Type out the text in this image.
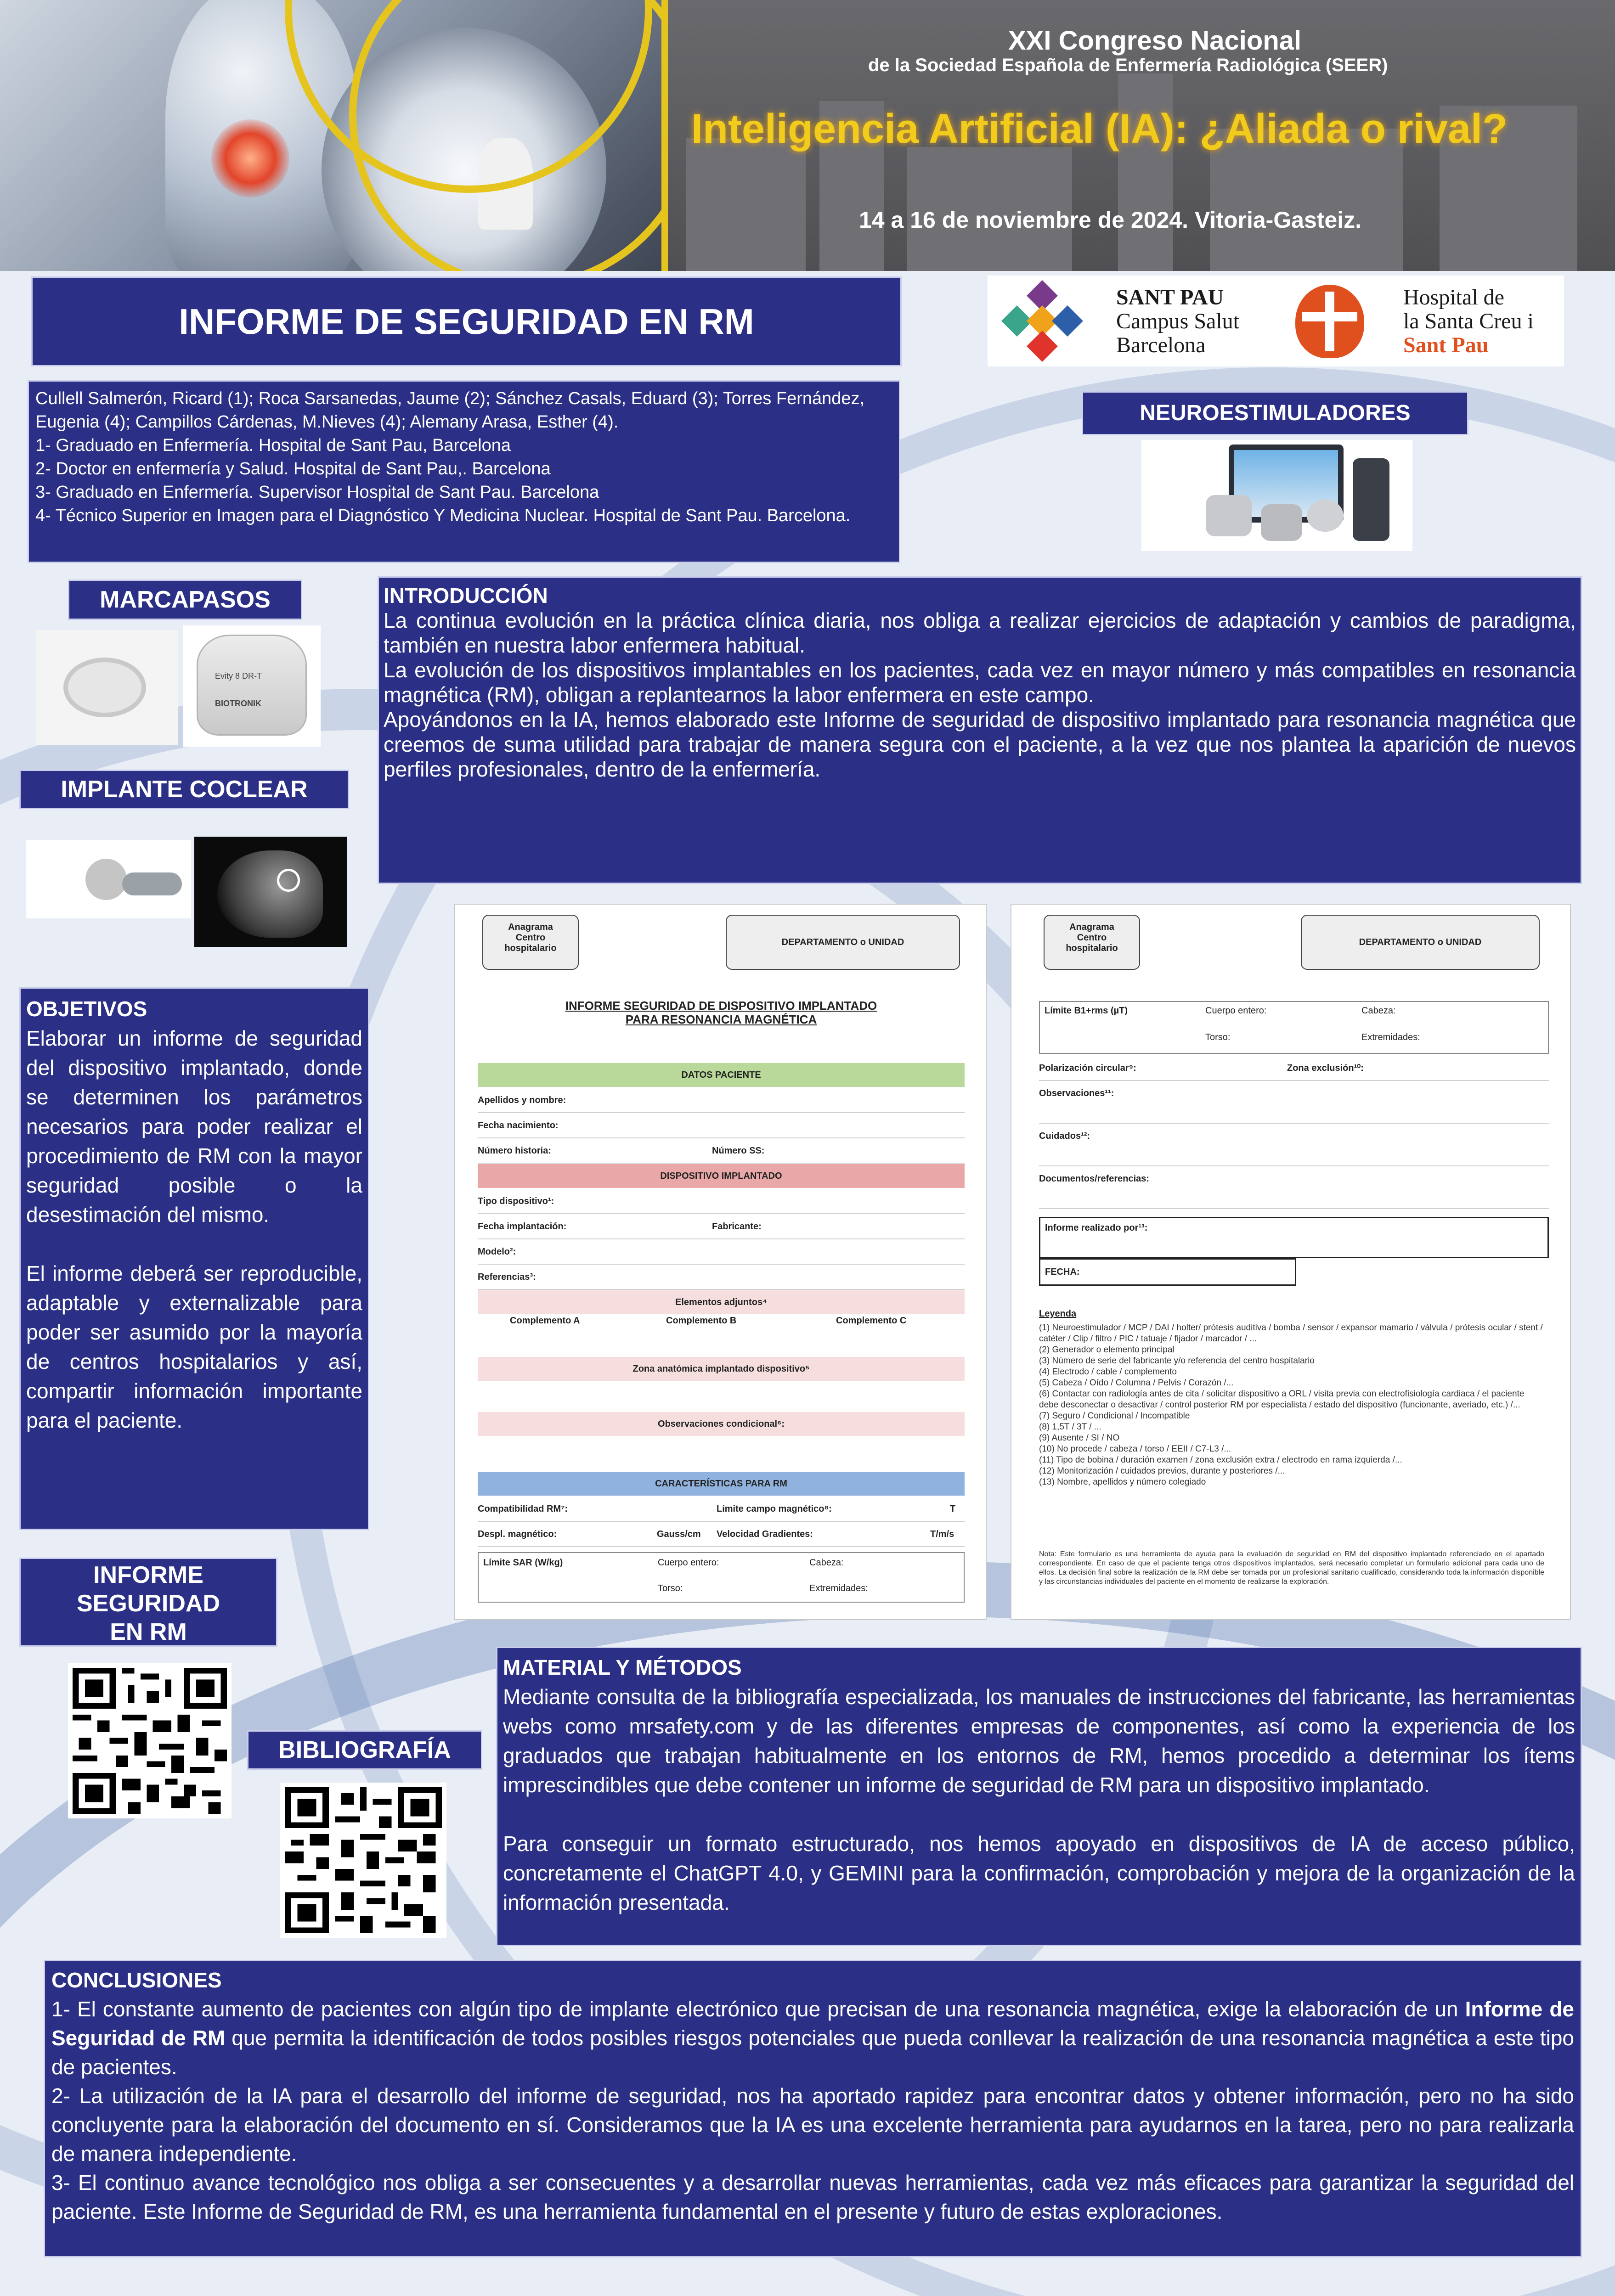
XXI Congreso Nacional
de la Sociedad Española de Enfermería Radiológica (SEER)
Inteligencia Artificial (IA): ¿Aliada o rival?
14 a 16 de noviembre de 2024. Vitoria-Gasteiz.
INFORME DE SEGURIDAD EN RM
SANT PAU
Campus Salut
Barcelona
Hospital de
la Santa Creu i
Sant Pau
Cullell Salmerón, Ricard (1); Roca Sarsanedas, Jaume (2); Sánchez Casals, Eduard (3); Torres Fernández, Eugenia (4); Campillos Cárdenas, M.Nieves (4); Alemany Arasa, Esther (4).
1- Graduado en Enfermería. Hospital de Sant Pau, Barcelona
2- Doctor en enfermería y Salud. Hospital de Sant Pau,. Barcelona
3- Graduado en Enfermería. Supervisor Hospital de Sant Pau. Barcelona
4- Técnico Superior en Imagen para el Diagnóstico Y Medicina Nuclear. Hospital de Sant Pau. Barcelona.
NEUROESTIMULADORES
MARCAPASOS
Evity 8 DR-T
BIOTRONIK
IMPLANTE COCLEAR
INTRODUCCIÓN
La continua evolución en la práctica clínica diaria, nos obliga a realizar ejercicios de adaptación y cambios de paradigma, también en nuestra labor enfermera habitual.
La evolución de los dispositivos implantables en los pacientes, cada vez en mayor número y más compatibles en resonancia magnética (RM), obligan a replantearnos la labor enfermera en este campo.
Apoyándonos en la IA, hemos elaborado este Informe de seguridad de dispositivo implantado para resonancia magnética que creemos de suma utilidad para trabajar de manera segura con el paciente, a la vez que nos plantea la aparición de nuevos perfiles profesionales, dentro de la enfermería.
Anagrama Centro hospitalario
DEPARTAMENTO o UNIDAD
INFORME SEGURIDAD DE DISPOSITIVO IMPLANTADO
PARA RESONANCIA MAGNÉTICA
DATOS PACIENTE
Apellidos y nombre:
Fecha nacimiento:
Número historia:	Número SS:
DISPOSITIVO IMPLANTADO
Tipo dispositivo¹:
Fecha implantación:	Fabricante:
Modelo²:
Referencias³:
Elementos adjuntos⁴
Complemento A	Complemento B	Complemento C
Zona anatómica implantado dispositivo⁵
Observaciones condicional⁶:
CARACTERÍSTICAS PARA RM
Compatibilidad RM⁷:	Límite campo magnético⁸:	T
Despl. magnético:	Gauss/cm Velocidad Gradientes:	T/m/s
Límite SAR (W/kg)	Cuerpo entero:	Cabeza:
Torso:	Extremidades:
Anagrama Centro hospitalario
DEPARTAMENTO o UNIDAD
Límite B1+rms (µT)	Cuerpo entero:	Cabeza:
Torso:	Extremidades:
Polarización circular⁹:	Zona exclusión¹⁰:
Observaciones¹¹:
Cuidados¹²:
Documentos/referencias:
Informe realizado por¹³:
FECHA:
Leyenda
(1) Neuroestimulador / MCP / DAI / holter/ prótesis auditiva / bomba / sensor / expansor mamario / válvula / prótesis ocular / stent / catéter / Clip / filtro / PIC / tatuaje / fijador / marcador / ...
(2) Generador o elemento principal
(3) Número de serie del fabricante y/o referencia del centro hospitalario
(4) Electrodo / cable / complemento
(5) Cabeza / Oído / Columna / Pelvis / Corazón /...
(6) Contactar con radiología antes de cita / solicitar dispositivo a ORL / visita previa con electrofisiología cardiaca / el paciente debe desconectar o desactivar / control posterior RM por especialista / estado del dispositivo (funcionante, averiado, etc.) /...
(7) Seguro / Condicional / Incompatible
(8) 1,5T / 3T / ...
(9) Ausente / SI / NO
(10) No procede / cabeza / torso / EEII / C7-L3 /...
(11) Tipo de bobina / duración examen / zona exclusión extra / electrodo en rama izquierda /...
(12) Monitorización / cuidados previos, durante y posteriores /...
(13) Nombre, apellidos y número colegiado
Nota: Este formulario es una herramienta de ayuda para la evaluación de seguridad en RM del dispositivo implantado referenciado en el apartado correspondiente. En caso de que el paciente tenga otros dispositivos implantados, será necesario completar un formulario adicional para cada uno de ellos. La decisión final sobre la realización de la RM debe ser tomada por un profesional sanitario cualificado, considerando toda la información disponible y las circunstancias individuales del paciente en el momento de realizarse la exploración.
OBJETIVOS
Elaborar un informe de seguridad del dispositivo implantado, donde se determinen los parámetros necesarios para poder realizar el procedimiento de RM con la mayor seguridad posible o la desestimación del mismo.
El informe deberá ser reproducible, adaptable y externalizable para poder ser asumido por la mayoría de centros hospitalarios y así, compartir información importante para el paciente.
INFORME
SEGURIDAD
EN RM
BIBLIOGRAFÍA
MATERIAL Y MÉTODOS
Mediante consulta de la bibliografía especializada, los manuales de instrucciones del fabricante, las herramientas webs como mrsafety.com y de las diferentes empresas de componentes, así como la experiencia de los graduados que trabajan habitualmente en los entornos de RM, hemos procedido a determinar los ítems imprescindibles que debe contener un informe de seguridad de RM para un dispositivo implantado.
Para conseguir un formato estructurado, nos hemos apoyado en dispositivos de IA de acceso público, concretamente el ChatGPT 4.0, y GEMINI para la confirmación, comprobación y mejora de la organización de la información presentada.
CONCLUSIONES
1- El constante aumento de pacientes con algún tipo de implante electrónico que precisan de una resonancia magnética, exige la elaboración de un Informe de Seguridad de RM que permita la identificación de todos posibles riesgos potenciales que pueda conllevar la realización de una resonancia magnética a este tipo de pacientes.
2- La utilización de la IA para el desarrollo del informe de seguridad, nos ha aportado rapidez para encontrar datos y obtener información, pero no ha sido concluyente para la elaboración del documento en sí. Consideramos que la IA es una excelente herramienta para ayudarnos en la tarea, pero no para realizarla de manera independiente.
3- El continuo avance tecnológico nos obliga a ser consecuentes y a desarrollar nuevas herramientas, cada vez más eficaces para garantizar la seguridad del paciente. Este Informe de Seguridad de RM, es una herramienta fundamental en el presente y futuro de estas exploraciones.
